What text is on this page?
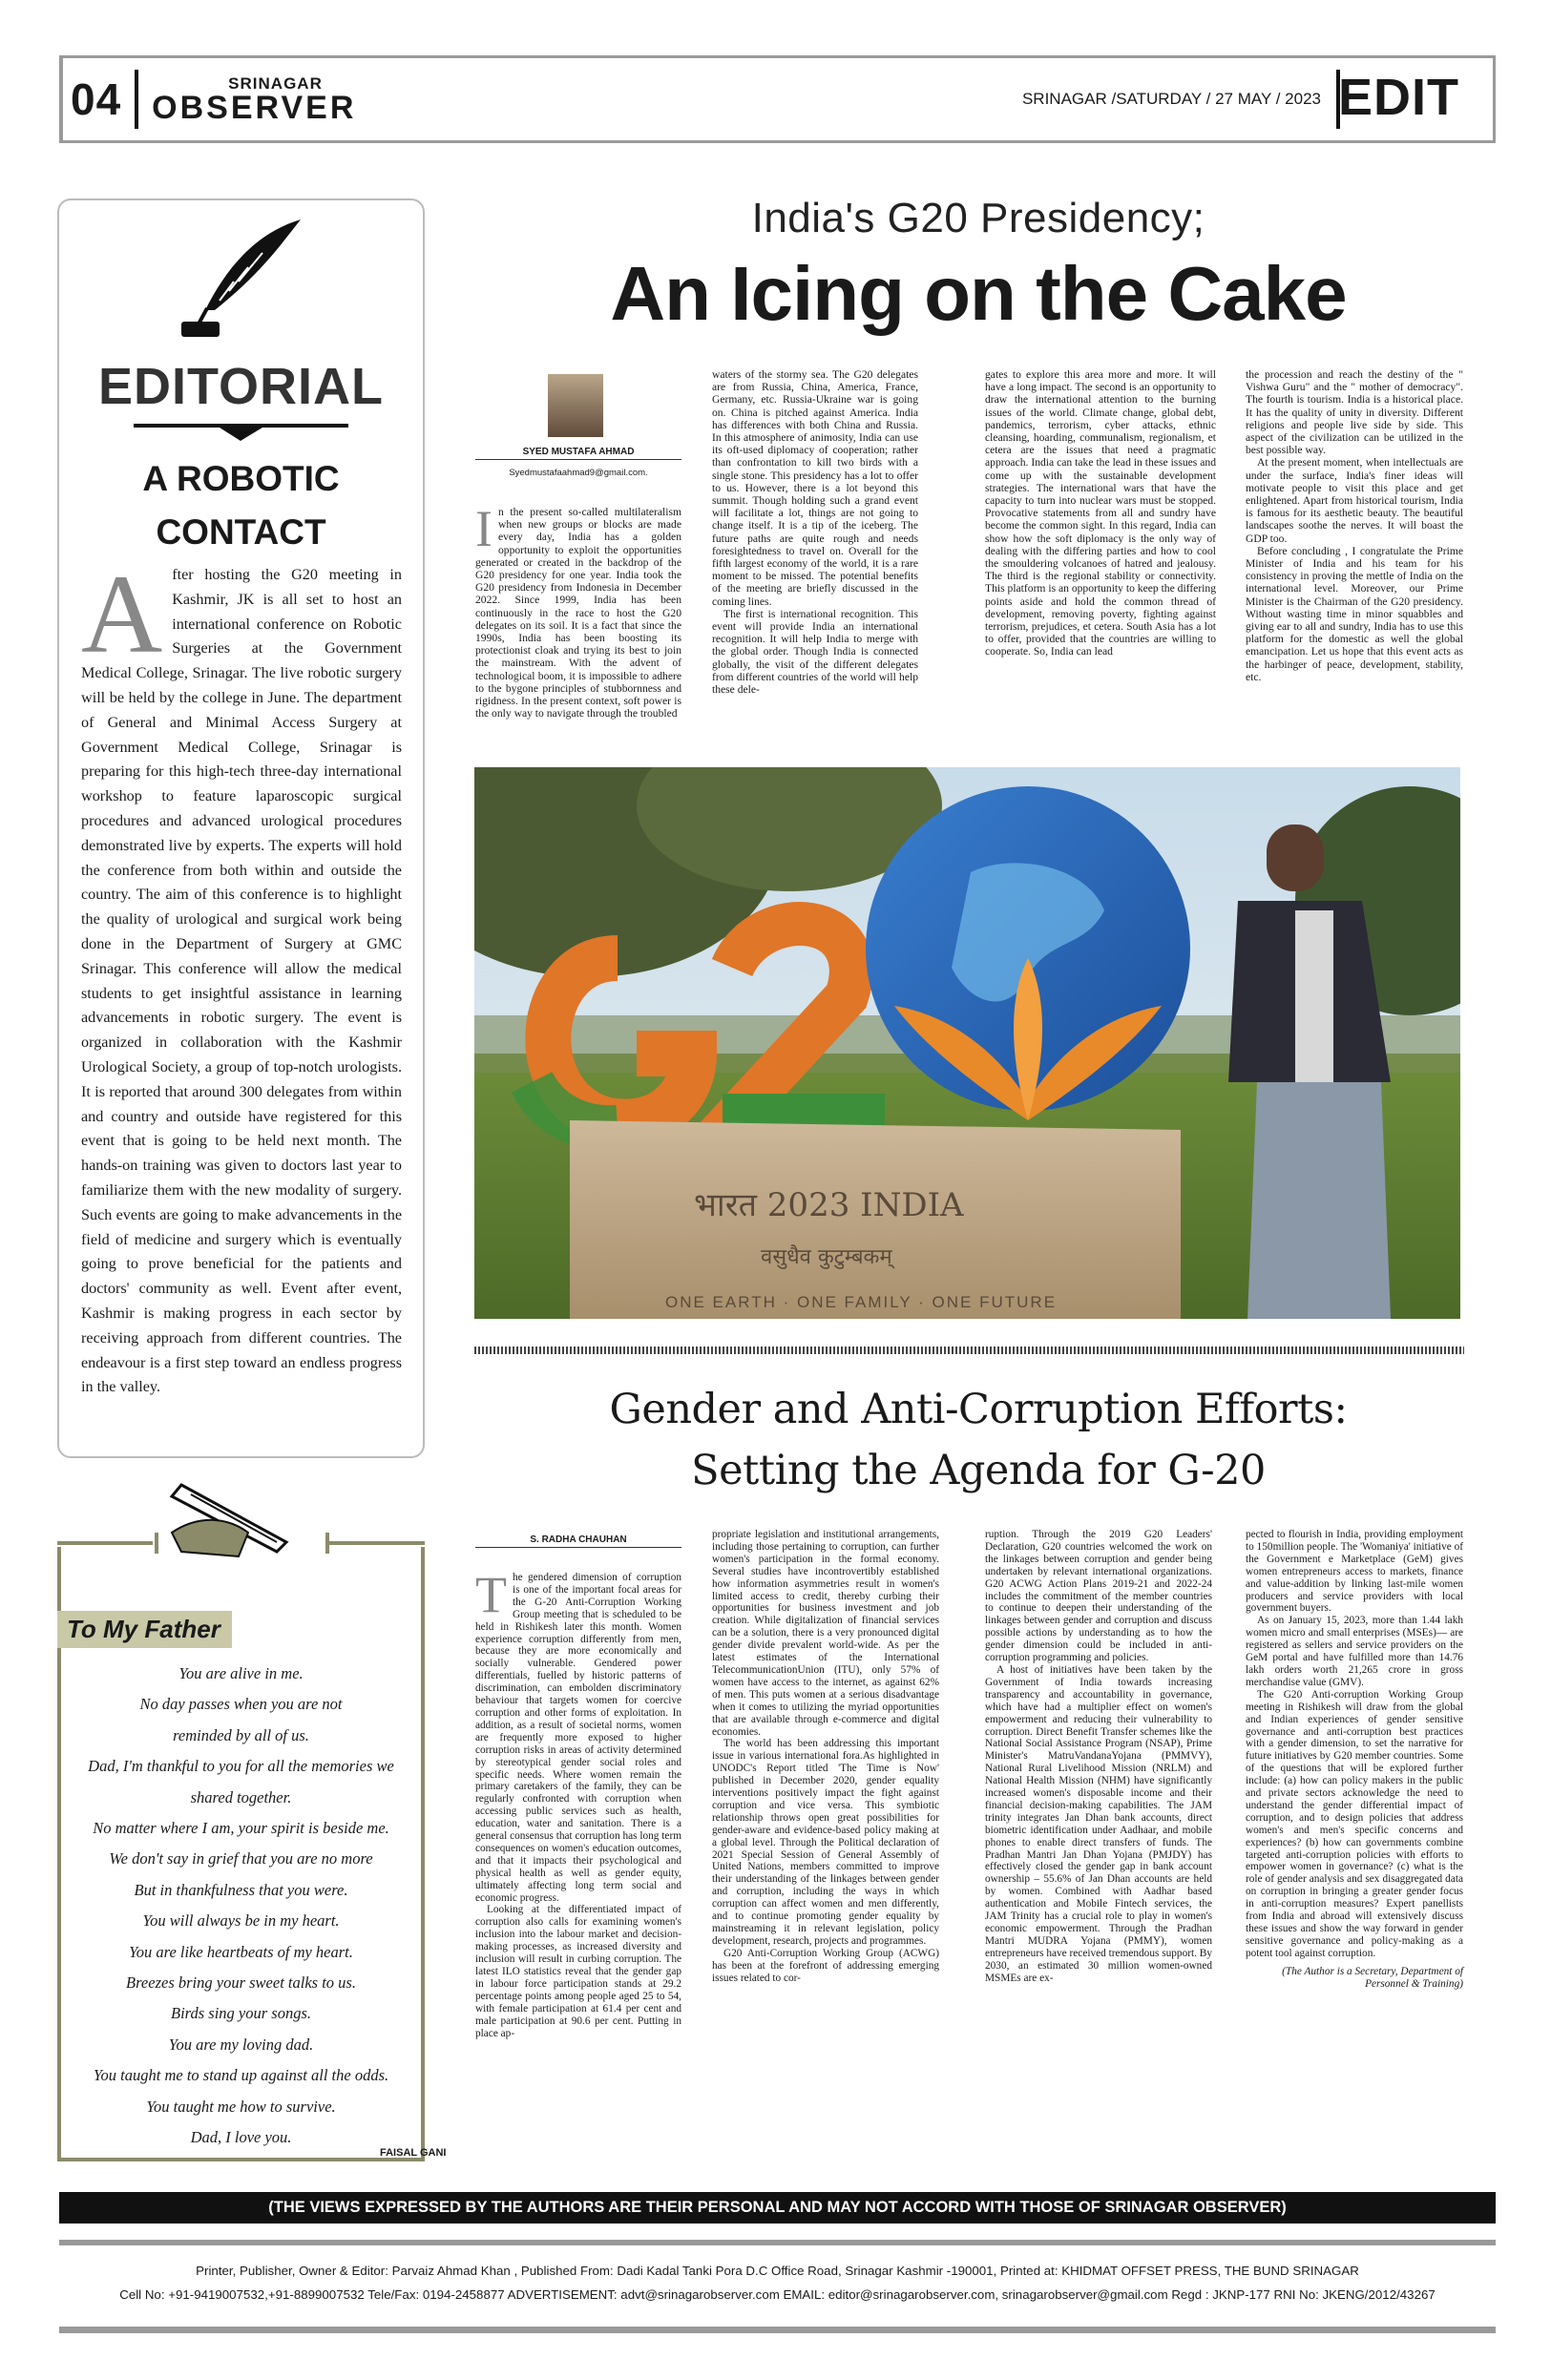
04	SRINAGAR
OBSERVER	SRINAGAR /SATURDAY / 27 MAY / 2023 EDIT
EDITORIAL
A ROBOTIC
CONTACT
A fter hosting the G20 meeting in Kashmir, JK is all set to host an international conference on Robotic Surgeries at the Government Medical College, Srinagar. The live robotic surgery will be held by the college in June. The department of General and Minimal Access Surgery at Government Medical College, Srinagar is preparing for this high-tech three-day international workshop to feature laparoscopic surgical procedures and advanced urological procedures demonstrated live by experts. The experts will hold the conference from both within and outside the country. The aim of this conference is to highlight the quality of urological and surgical work being done in the Department of Surgery at GMC Srinagar. This conference will allow the medical students to get insightful assistance in learning advancements in robotic surgery. The event is organized in collaboration with the Kashmir Urological Society, a group of top-notch urologists. It is reported that around 300 delegates from within and country and outside have registered for this event that is going to be held next month. The hands-on training was given to doctors last year to familiarize them with the new modality of surgery. Such events are going to make advancements in the field of medicine and surgery which is eventually going to prove beneficial for the patients and doctors' community as well. Event after event, Kashmir is making progress in each sector by receiving approach from different countries. The endeavour is a first step toward an endless progress in the valley.
To My Father
You are alive in me.
No day passes when you are not
reminded by all of us.
Dad, I'm thankful to you for all the memories we
shared together.
No matter where I am, your spirit is beside me.
We don't say in grief that you are no more
But in thankfulness that you were.
You will always be in my heart.
You are like heartbeats of my heart.
Breezes bring your sweet talks to us.
Birds sing your songs.
You are my loving dad.
You taught me to stand up against all the odds.
You taught me how to survive.
Dad, I love you.
FAISAL GANI
India's G20 Presidency;
An Icing on the Cake
SYED MUSTAFA AHMAD
Syedmustafaahmad9@gmail.com.
I n the present so-called multilateralism when new groups or blocks are made every day, India has a golden opportunity to exploit the opportunities generated or created in the backdrop of the G20 presidency for one year. India took the G20 presidency from Indonesia in December 2022. Since 1999, India has been continuously in the race to host the G20 delegates on its soil. It is a fact that since the 1990s, India has been boosting its protectionist cloak and trying its best to join the mainstream. With the advent of technological boom, it is impossible to adhere to the bygone principles of stubbornness and rigidness. In the present context, soft power is the only way to navigate through the troubled

waters of the stormy sea. The G20 delegates are from Russia, China, America, France, Germany, etc. Russia-Ukraine war is going on. China is pitched against America. India has differences with both China and Russia. In this atmosphere of animosity, India can use its oft-used diplomacy of cooperation; rather than confrontation to kill two birds with a single stone. This presidency has a lot to offer to us. However, there is a lot beyond this summit. Though holding such a grand event will facilitate a lot, things are not going to change itself. It is a tip of the iceberg. The future paths are quite rough and needs foresightedness to travel on. Overall for the fifth largest economy of the world, it is a rare moment to be missed. The potential benefits of the meeting are briefly discussed in the coming lines.

The first is international recognition. This event will provide India an international recognition. It will help India to merge with the global order. Though India is connected globally, the visit of the different delegates from different countries of the world will help these dele-

gates to explore this area more and more. It will have a long impact. The second is an opportunity to draw the international attention to the burning issues of the world. Climate change, global debt, pandemics, terrorism, cyber attacks, ethnic cleansing, hoarding, communalism, regionalism, et cetera are the issues that need a pragmatic approach. India can take the lead in these issues and come up with the sustainable development strategies. The international wars that have the capacity to turn into nuclear wars must be stopped. Provocative statements from all and sundry have become the common sight. In this regard, India can show how the soft diplomacy is the only way of dealing with the differing parties and how to cool the smouldering volcanoes of hatred and jealousy. The third is the regional stability or connectivity. This platform is an opportunity to keep the differing points aside and hold the common thread of development, removing poverty, fighting against terrorism, prejudices, et cetera. South Asia has a lot to offer, provided that the countries are willing to cooperate. So, India can lead

the procession and reach the destiny of the " Vishwa Guru" and the " mother of democracy". The fourth is tourism. India is a historical place. It has the quality of unity in diversity. Different religions and people live side by side. This aspect of the civilization can be utilized in the best possible way.

At the present moment, when intellectuals are under the surface, India's finer ideas will motivate people to visit this place and get enlightened. Apart from historical tourism, India is famous for its aesthetic beauty. The beautiful landscapes soothe the nerves. It will boast the GDP too.

Before concluding , I congratulate the Prime Minister of India and his team for his consistency in proving the mettle of India on the international level. Moreover, our Prime Minister is the Chairman of the G20 presidency. Without wasting time in minor squabbles and giving ear to all and sundry, India has to use this platform for the domestic as well the global emancipation. Let us hope that this event acts as the harbinger of peace, development, stability, etc.

भारत 2023 INDIA
वसुधैव कुटुम्बकम्
ONE EARTH · ONE FAMILY · ONE FUTURE
Gender and Anti-Corruption Efforts:
Setting the Agenda for G-20
S. RADHA CHAUHAN

The gendered dimension of corruption is one of the important focal areas for the G-20 Anti-Corruption Working Group meeting that is scheduled to be held in Rishikesh later this month. Women experience corruption differently from men, because they are more economically and socially vulnerable. Gendered power differentials, fuelled by historic patterns of discrimination, can embolden discriminatory behaviour that targets women for coercive corruption and other forms of exploitation. In addition, as a result of societal norms, women are frequently more exposed to higher corruption risks in areas of activity determined by stereotypical gender social roles and specific needs. Where women remain the primary caretakers of the family, they can be regularly confronted with corruption when accessing public services such as health, education, water and sanitation. There is a general consensus that corruption has long term consequences on women's education outcomes, and that it impacts their psychological and physical health as well as gender equity, ultimately affecting long term social and economic progress.

Looking at the differentiated impact of corruption also calls for examining women's inclusion into the labour market and decision-making processes, as increased diversity and inclusion will result in curbing corruption. The latest ILO statistics reveal that the gender gap in labour force participation stands at 29.2 percentage points among people aged 25 to 54, with female participation at 61.4 per cent and male participation at 90.6 per cent. Putting in place ap-

propriate legislation and institutional arrangements, including those pertaining to corruption, can further women's participation in the formal economy. Several studies have incontrovertibly established how information asymmetries result in women's limited access to credit, thereby curbing their opportunities for business investment and job creation. While digitalization of financial services can be a solution, there is a very pronounced digital gender divide prevalent world-wide. As per the latest estimates of the International TelecommunicationUnion (ITU), only 57% of women have access to the internet, as against 62% of men. This puts women at a serious disadvantage when it comes to utilizing the myriad opportunities that are available through e-commerce and digital economies.

The world has been addressing this important issue in various international fora.As highlighted in UNODC's Report titled 'The Time is Now' published in December 2020, gender equality interventions positively impact the fight against corruption and vice versa. This symbiotic relationship throws open great possibilities for gender-aware and evidence-based policy making at a global level. Through the Political declaration of 2021 Special Session of General Assembly of United Nations, members committed to improve their understanding of the linkages between gender and corruption, including the ways in which corruption can affect women and men differently, and to continue promoting gender equality by mainstreaming it in relevant legislation, policy development, research, projects and programmes.

G20 Anti-Corruption Working Group (ACWG) has been at the forefront of addressing emerging issues related to cor-

ruption. Through the 2019 G20 Leaders' Declaration, G20 countries welcomed the work on the linkages between corruption and gender being undertaken by relevant international organizations. G20 ACWG Action Plans 2019-21 and 2022-24 includes the commitment of the member countries to continue to deepen their understanding of the linkages between gender and corruption and discuss possible actions by understanding as to how the gender dimension could be included in anti-corruption programming and policies.

A host of initiatives have been taken by the Government of India towards increasing transparency and accountability in governance, which have had a multiplier effect on women's empowerment and reducing their vulnerability to corruption. Direct Benefit Transfer schemes like the National Social Assistance Program (NSAP), Prime Minister's MatruVandanaYojana (PMMVY), National Rural Livelihood Mission (NRLM) and National Health Mission (NHM) have significantly increased women's disposable income and their financial decision-making capabilities. The JAM trinity integrates Jan Dhan bank accounts, direct biometric identification under Aadhaar, and mobile phones to enable direct transfers of funds. The Pradhan Mantri Jan Dhan Yojana (PMJDY) has effectively closed the gender gap in bank account ownership – 55.6% of Jan Dhan accounts are held by women. Combined with Aadhar based authentication and Mobile Fintech services, the JAM Trinity has a crucial role to play in women's economic empowerment. Through the Pradhan Mantri MUDRA Yojana (PMMY), women entrepreneurs have received tremendous support. By 2030, an estimated 30 million women-owned MSMEs are ex-

pected to flourish in India, providing employment to 150million people. The 'Womaniya' initiative of the Government e Marketplace (GeM) gives women entrepreneurs access to markets, finance and value-addition by linking last-mile women producers and service providers with local government buyers.

As on January 15, 2023, more than 1.44 lakh women micro and small enterprises (MSEs)— are registered as sellers and service providers on the GeM portal and have fulfilled more than 14.76 lakh orders worth 21,265 crore in gross merchandise value (GMV).

The G20 Anti-corruption Working Group meeting in Rishikesh will draw from the global and Indian experiences of gender sensitive governance and anti-corruption best practices with a gender dimension, to set the narrative for future initiatives by G20 member countries. Some of the questions that will be explored further include: (a) how can policy makers in the public and private sectors acknowledge the need to understand the gender differential impact of corruption, and to design policies that address women's and men's specific concerns and experiences? (b) how can governments combine targeted anti-corruption policies with efforts to empower women in governance? (c) what is the role of gender analysis and sex disaggregated data on corruption in bringing a greater gender focus in anti-corruption measures? Expert panellists from India and abroad will extensively discuss these issues and show the way forward in gender sensitive governance and policy-making as a potent tool against corruption.

(The Author is a Secretary, Department of Personnel & Training)

(THE VIEWS EXPRESSED BY THE AUTHORS ARE THEIR PERSONAL AND MAY NOT ACCORD WITH THOSE OF SRINAGAR OBSERVER)
Printer, Publisher, Owner & Editor: Parvaiz Ahmad Khan , Published From: Dadi Kadal Tanki Pora D.C Office Road, Srinagar Kashmir -190001, Printed at: KHIDMAT OFFSET PRESS, THE BUND SRINAGAR
Cell No: +91-9419007532,+91-8899007532 Tele/Fax: 0194-2458877 ADVERTISEMENT: advt@srinagarobserver.com EMAIL: editor@srinagarobserver.com, srinagarobserver@gmail.com Regd : JKNP-177 RNI No: JKENG/2012/43267
